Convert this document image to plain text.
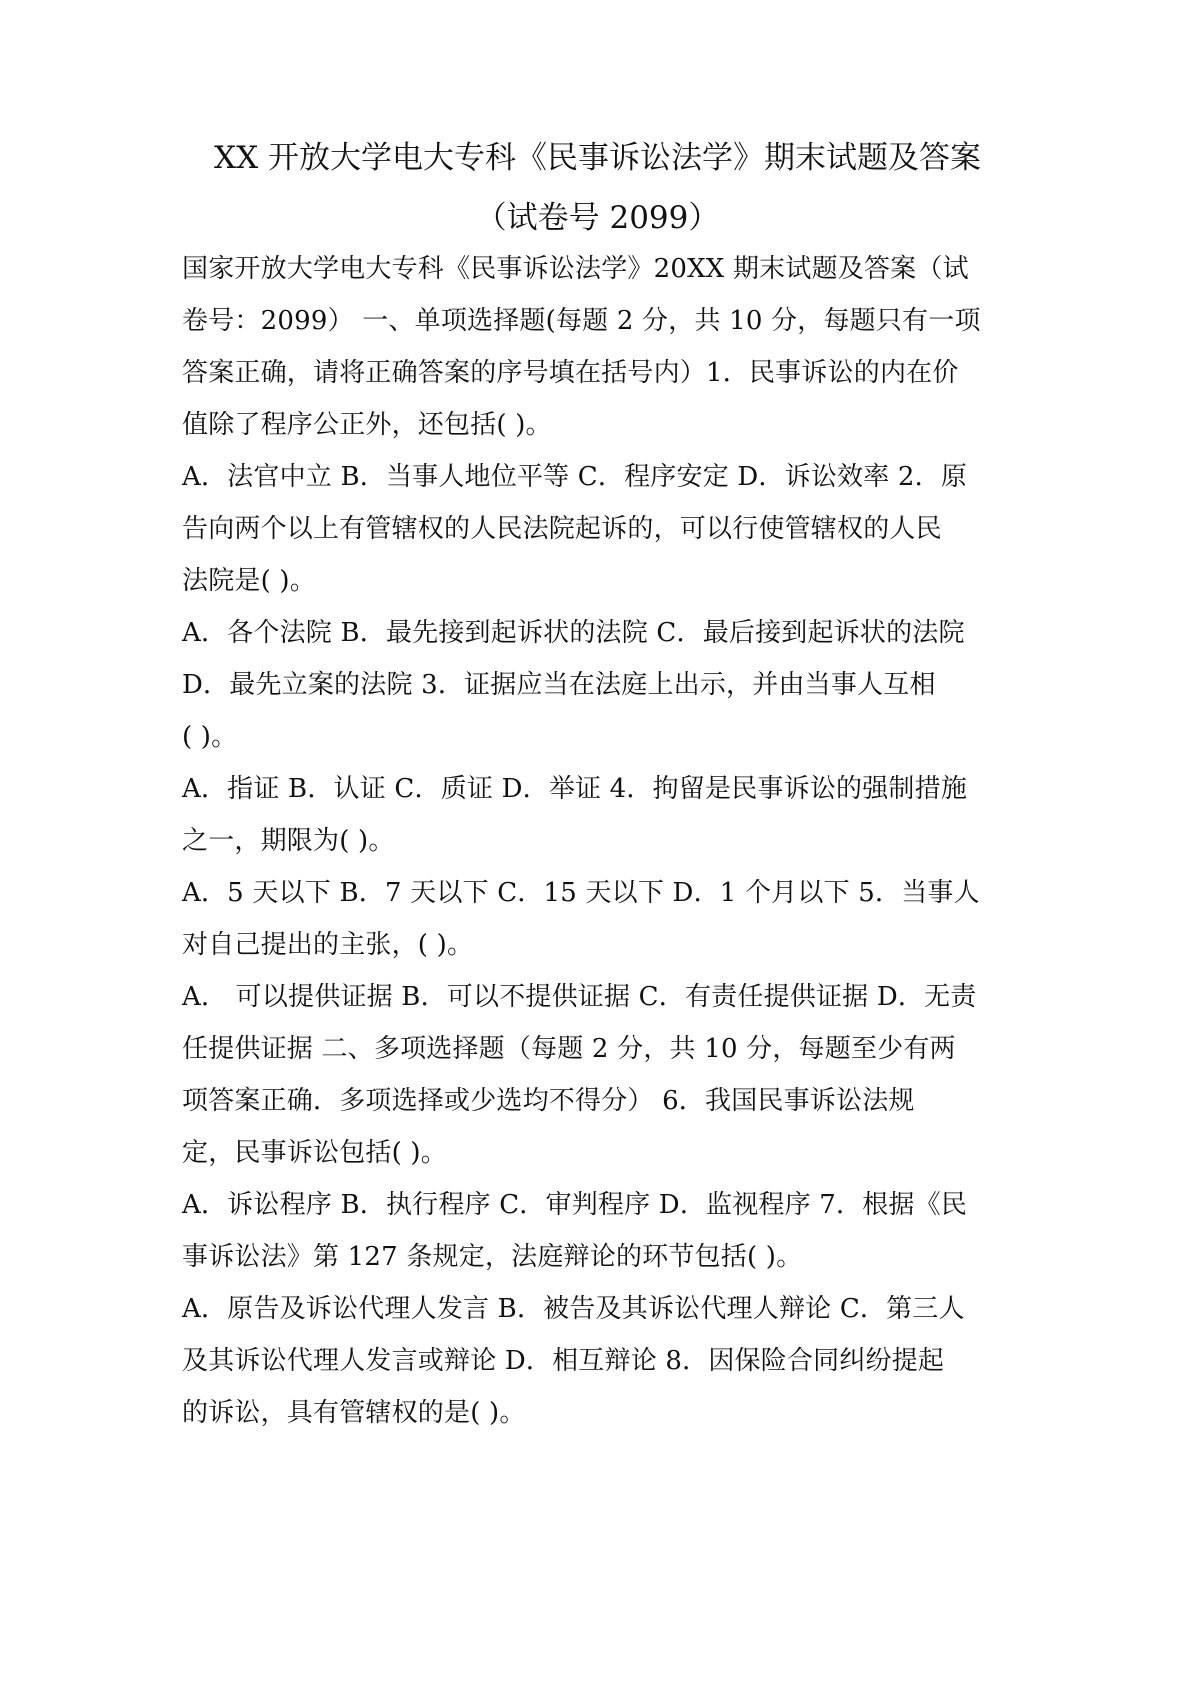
XX 开放大学电大专科《民事诉讼法学》期末试题及答案
（试卷号 2099）
国家开放大学电大专科《民事诉讼法学》20XX 期末试题及答案（试
卷号：2099） 一、单项选择题(每题 2 分，共 10 分，每题只有一项
答案正确，请将正确答案的序号填在括号内）1．民事诉讼的内在价
值除了程序公正外，还包括( )。
A．法官中立 B．当事人地位平等 C．程序安定 D．诉讼效率 2．原
告向两个以上有管辖权的人民法院起诉的，可以行使管辖权的人民
法院是( )。
A．各个法院 B．最先接到起诉状的法院 C．最后接到起诉状的法院
D．最先立案的法院 3．证据应当在法庭上出示，并由当事人互相
( )。
A．指证 B．认证 C．质证 D．举证 4．拘留是民事诉讼的强制措施
之一，期限为( )。
A．5 天以下 B．7 天以下 C．15 天以下 D．1 个月以下 5．当事人
对自己提出的主张，( )。
A． 可以提供证据 B．可以不提供证据 C．有责任提供证据 D．无责
任提供证据 二、多项选择题（每题 2 分，共 10 分，每题至少有两
项答案正确．多项选择或少选均不得分） 6．我国民事诉讼法规
定，民事诉讼包括( )。
A．诉讼程序 B．执行程序 C．审判程序 D．监视程序 7．根据《民
事诉讼法》第 127 条规定，法庭辩论的环节包括( )。
A．原告及诉讼代理人发言 B．被告及其诉讼代理人辩论 C．第三人
及其诉讼代理人发言或辩论 D．相互辩论 8．因保险合同纠纷提起
的诉讼，具有管辖权的是( )。
